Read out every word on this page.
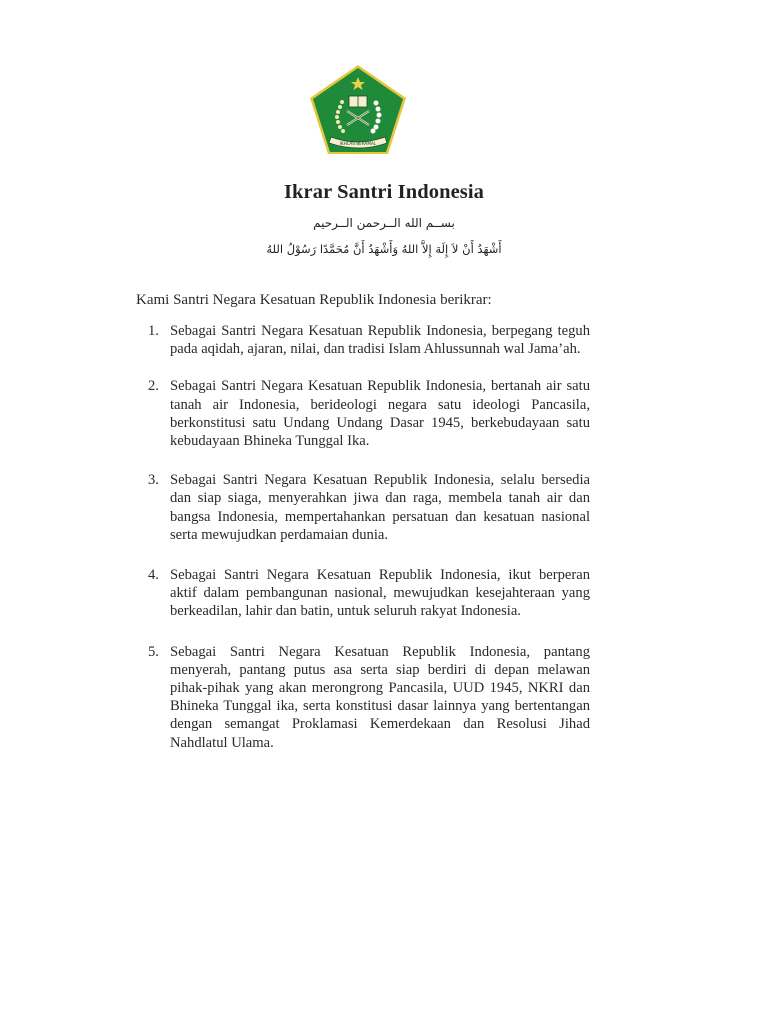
IKHLAS BERAMAL
Ikrar Santri Indonesia
بســم الله الــرحمن الــرحيم
أَشْهَدُ أَنْ لاَ إِلَهَ إِلاَّ اللهُ وَأَشْهَدُ أَنَّ مُحَمَّدًا رَسُوْلُ اللهُ
Kami Santri Negara Kesatuan Republik Indonesia berikrar:
1. Sebagai Santri Negara Kesatuan Republik Indonesia, berpegang teguh pada aqidah, ajaran, nilai, dan tradisi Islam Ahlussunnah wal Jama’ah.
2. Sebagai Santri Negara Kesatuan Republik Indonesia, bertanah air satu tanah air Indonesia, berideologi negara satu ideologi Pancasila, berkonstitusi satu Undang Undang Dasar 1945, berkebudayaan satu kebudayaan Bhineka Tunggal Ika.
3. Sebagai Santri Negara Kesatuan Republik Indonesia, selalu bersedia dan siap siaga, menyerahkan jiwa dan raga, membela tanah air dan bangsa Indonesia, mempertahankan persatuan dan kesatuan nasional serta mewujudkan perdamaian dunia.
4. Sebagai Santri Negara Kesatuan Republik Indonesia, ikut berperan aktif dalam pembangunan nasional, mewujudkan kesejahteraan yang berkeadilan, lahir dan batin, untuk seluruh rakyat Indonesia.
5. Sebagai Santri Negara Kesatuan Republik Indonesia, pantang menyerah, pantang putus asa serta siap berdiri di depan melawan pihak-pihak yang akan merongrong Pancasila, UUD 1945, NKRI dan Bhineka Tunggal ika, serta konstitusi dasar lainnya yang bertentangan dengan semangat Proklamasi Kemerdekaan dan Resolusi Jihad Nahdlatul Ulama.
